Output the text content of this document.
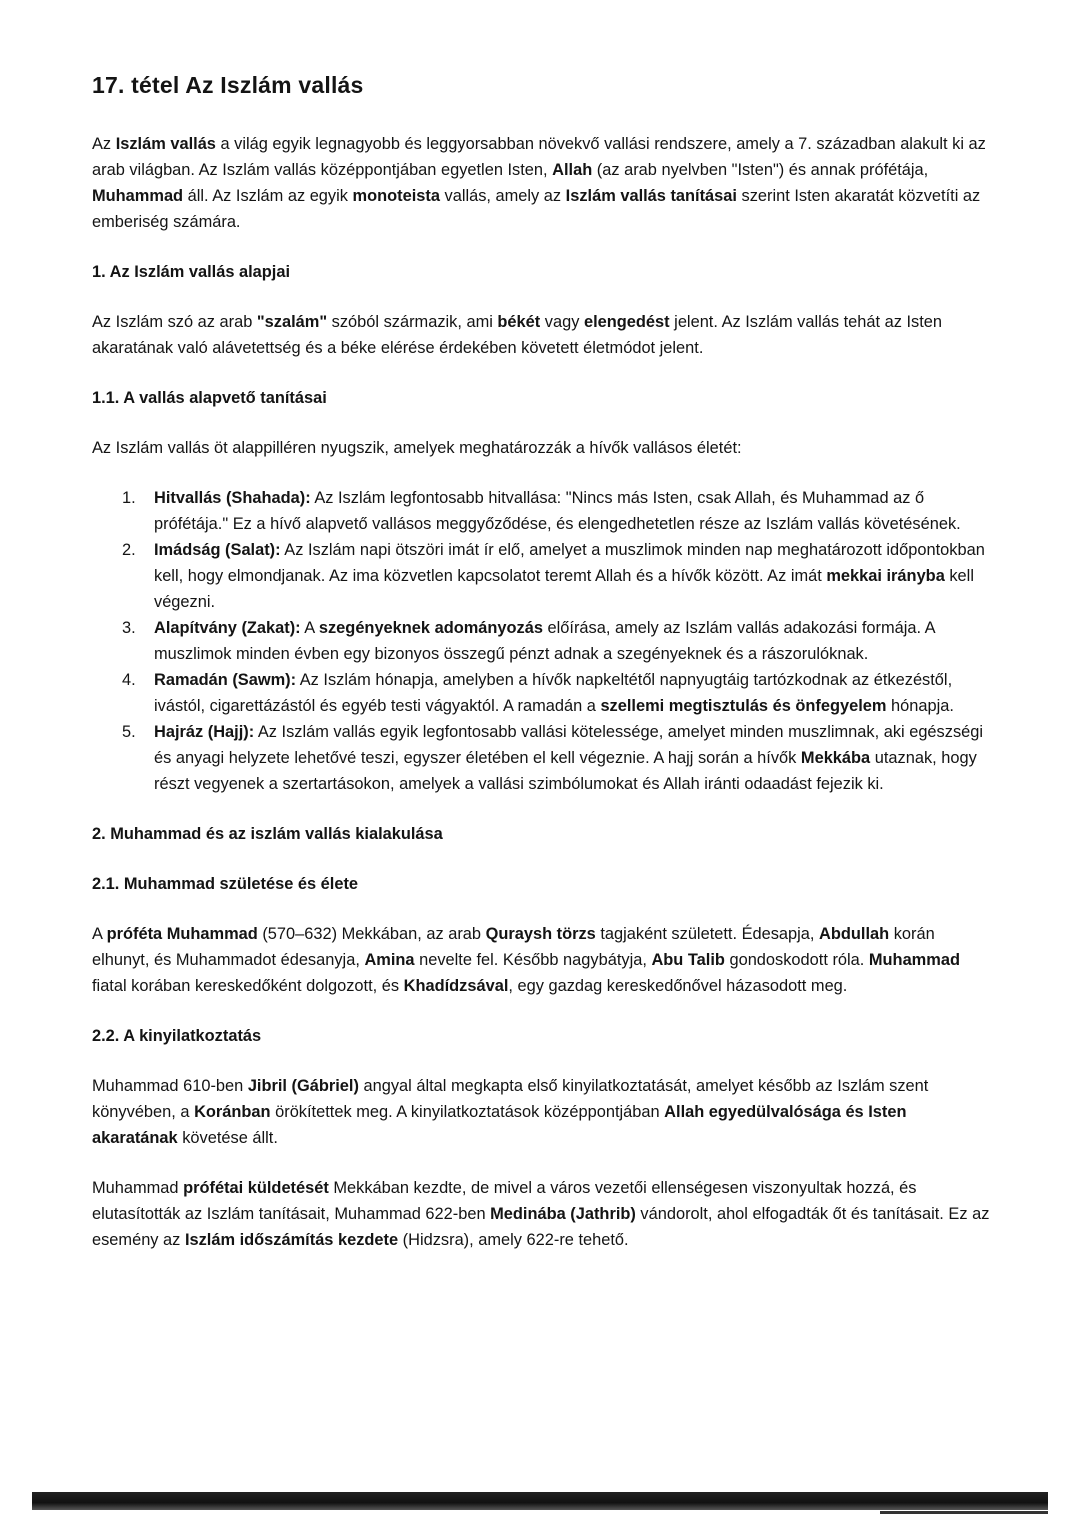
17. tétel Az Iszlám vallás

Az Iszlám vallás a világ egyik legnagyobb és leggyorsabban növekvő vallási rendszere, amely a 7. században alakult ki az arab világban. Az Iszlám vallás középpontjában egyetlen Isten, Allah (az arab nyelvben "Isten") és annak prófétája, Muhammad áll. Az Iszlám az egyik monoteista vallás, amely az Iszlám vallás tanításai szerint Isten akaratát közvetíti az emberiség számára.

1. Az Iszlám vallás alapjai

Az Iszlám szó az arab "szalám" szóból származik, ami békét vagy elengedést jelent. Az Iszlám vallás tehát az Isten akaratának való alávetettség és a béke elérése érdekében követett életmódot jelent.

1.1. A vallás alapvető tanításai

Az Iszlám vallás öt alappilléren nyugszik, amelyek meghatározzák a hívők vallásos életét:

1. Hitvallás (Shahada): Az Iszlám legfontosabb hitvallása: "Nincs más Isten, csak Allah, és Muhammad az ő prófétája." Ez a hívő alapvető vallásos meggyőződése, és elengedhetetlen része az Iszlám vallás követésének.
2. Imádság (Salat): Az Iszlám napi ötszöri imát ír elő, amelyet a muszlimok minden nap meghatározott időpontokban kell, hogy elmondjanak. Az ima közvetlen kapcsolatot teremt Allah és a hívők között. Az imát mekkai irányba kell végezni.
3. Alapítvány (Zakat): A szegényeknek adományozás előírása, amely az Iszlám vallás adakozási formája. A muszlimok minden évben egy bizonyos összegű pénzt adnak a szegényeknek és a rászorulóknak.
4. Ramadán (Sawm): Az Iszlám hónapja, amelyben a hívők napkeltétől napnyugtáig tartózkodnak az étkezéstől, ivástól, cigarettázástól és egyéb testi vágyaktól. A ramadán a szellemi megtisztulás és önfegyelem hónapja.
5. Hajráz (Hajj): Az Iszlám vallás egyik legfontosabb vallási kötelessége, amelyet minden muszlimnak, aki egészségi és anyagi helyzete lehetővé teszi, egyszer életében el kell végeznie. A hajj során a hívők Mekkába utaznak, hogy részt vegyenek a szertartásokon, amelyek a vallási szimbólumokat és Allah iránti odaadást fejezik ki.
2. Muhammad és az iszlám vallás kialakulása
2.1. Muhammad születése és élete

A próféta Muhammad (570–632) Mekkában, az arab Quraysh törzs tagjaként született. Édesapja, Abdullah korán elhunyt, és Muhammadot édesanyja, Amina nevelte fel. Később nagybátyja, Abu Talib gondoskodott róla. Muhammad fiatal korában kereskedőként dolgozott, és Khadídzsával, egy gazdag kereskedőnővel házasodott meg.

2.2. A kinyilatkoztatás

Muhammad 610-ben Jibril (Gábriel) angyal által megkapta első kinyilatkoztatását, amelyet később az Iszlám szent könyvében, a Koránban örökítettek meg. A kinyilatkoztatások középpontjában Allah egyedülvalósága és Isten akaratának követése állt.

Muhammad prófétai küldetését Mekkában kezdte, de mivel a város vezetői ellenségesen viszonyultak hozzá, és elutasították az Iszlám tanításait, Muhammad 622-ben Medinába (Jathrib) vándorolt, ahol elfogadták őt és tanításait. Ez az esemény az Iszlám időszámítás kezdete (Hidzsra), amely 622-re tehető.
